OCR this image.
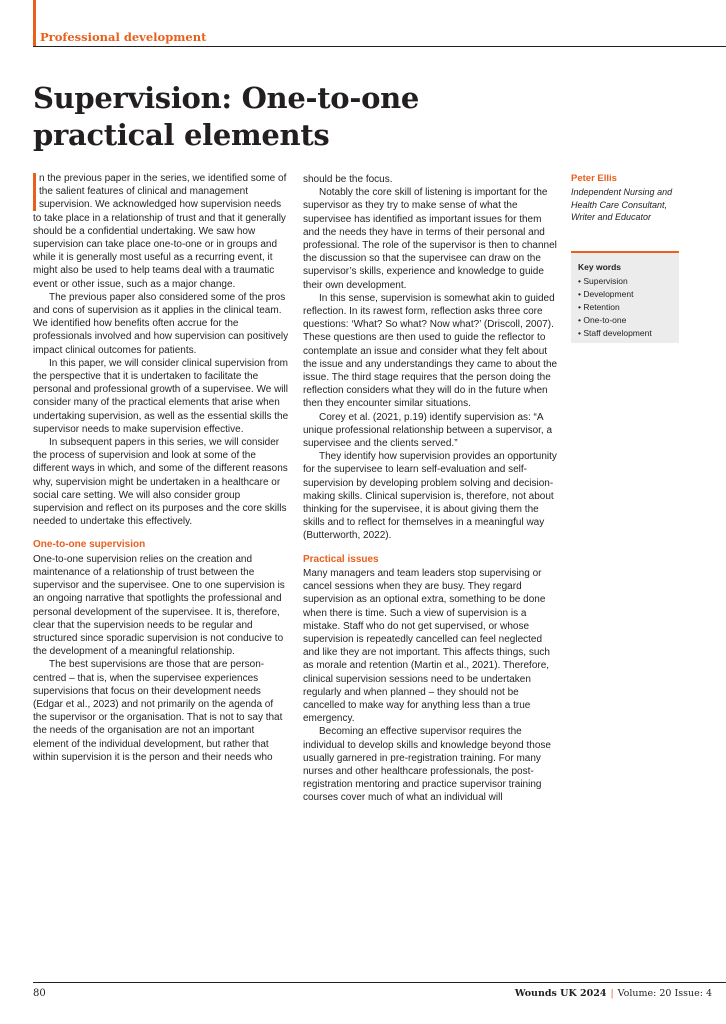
Professional development
Supervision: One-to-one practical elements

n the previous paper in the series, we identified some of the salient features of clinical and management supervision. We acknowledged how supervision needs to take place in a relationship of trust and that it generally should be a confidential undertaking. We saw how supervision can take place one-to-one or in groups and while it is generally most useful as a recurring event, it might also be used to help teams deal with a traumatic event or other issue, such as a major change.

The previous paper also considered some of the pros and cons of supervision as it applies in the clinical team. We identified how benefits often accrue for the professionals involved and how supervision can positively impact clinical outcomes for patients.

In this paper, we will consider clinical supervision from the perspective that it is undertaken to facilitate the personal and professional growth of a supervisee. We will consider many of the practical elements that arise when undertaking supervision, as well as the essential skills the supervisor needs to make supervision effective.

In subsequent papers in this series, we will consider the process of supervision and look at some of the different ways in which, and some of the different reasons why, supervision might be undertaken in a healthcare or social care setting. We will also consider group supervision and reflect on its purposes and the core skills needed to undertake this effectively.

One-to-one supervision

One-to-one supervision relies on the creation and maintenance of a relationship of trust between the supervisor and the supervisee. One to one supervision is an ongoing narrative that spotlights the professional and personal development of the supervisee. It is, therefore, clear that the supervision needs to be regular and structured since sporadic supervision is not conducive to the development of a meaningful relationship.

The best supervisions are those that are person-centred – that is, when the supervisee experiences supervisions that focus on their development needs (Edgar et al., 2023) and not primarily on the agenda of the supervisor or the organisation. That is not to say that the needs of the organisation are not an important element of the individual development, but rather that within supervision it is the person and their needs who

should be the focus.

Notably the core skill of listening is important for the supervisor as they try to make sense of what the supervisee has identified as important issues for them and the needs they have in terms of their personal and professional. The role of the supervisor is then to channel the discussion so that the supervisee can draw on the supervisor’s skills, experience and knowledge to guide their own development.

In this sense, supervision is somewhat akin to guided reflection. In its rawest form, reflection asks three core questions: ‘What? So what? Now what?’ (Driscoll, 2007). These questions are then used to guide the reflector to contemplate an issue and consider what they felt about the issue and any understandings they came to about the issue. The third stage requires that the person doing the reflection considers what they will do in the future when then they encounter similar situations.

Corey et al. (2021, p.19) identify supervision as: “A unique professional relationship between a supervisor, a supervisee and the clients served.”

They identify how supervision provides an opportunity for the supervisee to learn self-evaluation and self-supervision by developing problem solving and decision-making skills. Clinical supervision is, therefore, not about thinking for the supervisee, it is about giving them the skills and to reflect for themselves in a meaningful way (Butterworth, 2022).

Practical issues

Many managers and team leaders stop supervising or cancel sessions when they are busy. They regard supervision as an optional extra, something to be done when there is time. Such a view of supervision is a mistake. Staff who do not get supervised, or whose supervision is repeatedly cancelled can feel neglected and like they are not important. This affects things, such as morale and retention (Martin et al., 2021). Therefore, clinical supervision sessions need to be undertaken regularly and when planned – they should not be cancelled to make way for anything less than a true emergency.

Becoming an effective supervisor requires the individual to develop skills and knowledge beyond those usually garnered in pre-registration training. For many nurses and other healthcare professionals, the post-registration mentoring and practice supervisor training courses cover much of what an individual will

Peter Ellis
Independent Nursing and Health Care Consultant, Writer and Educator
Key words
• Supervision
• Development
• Retention
• One-to-one
• Staff development
80	Wounds UK 2024 | Volume: 20 Issue: 4
